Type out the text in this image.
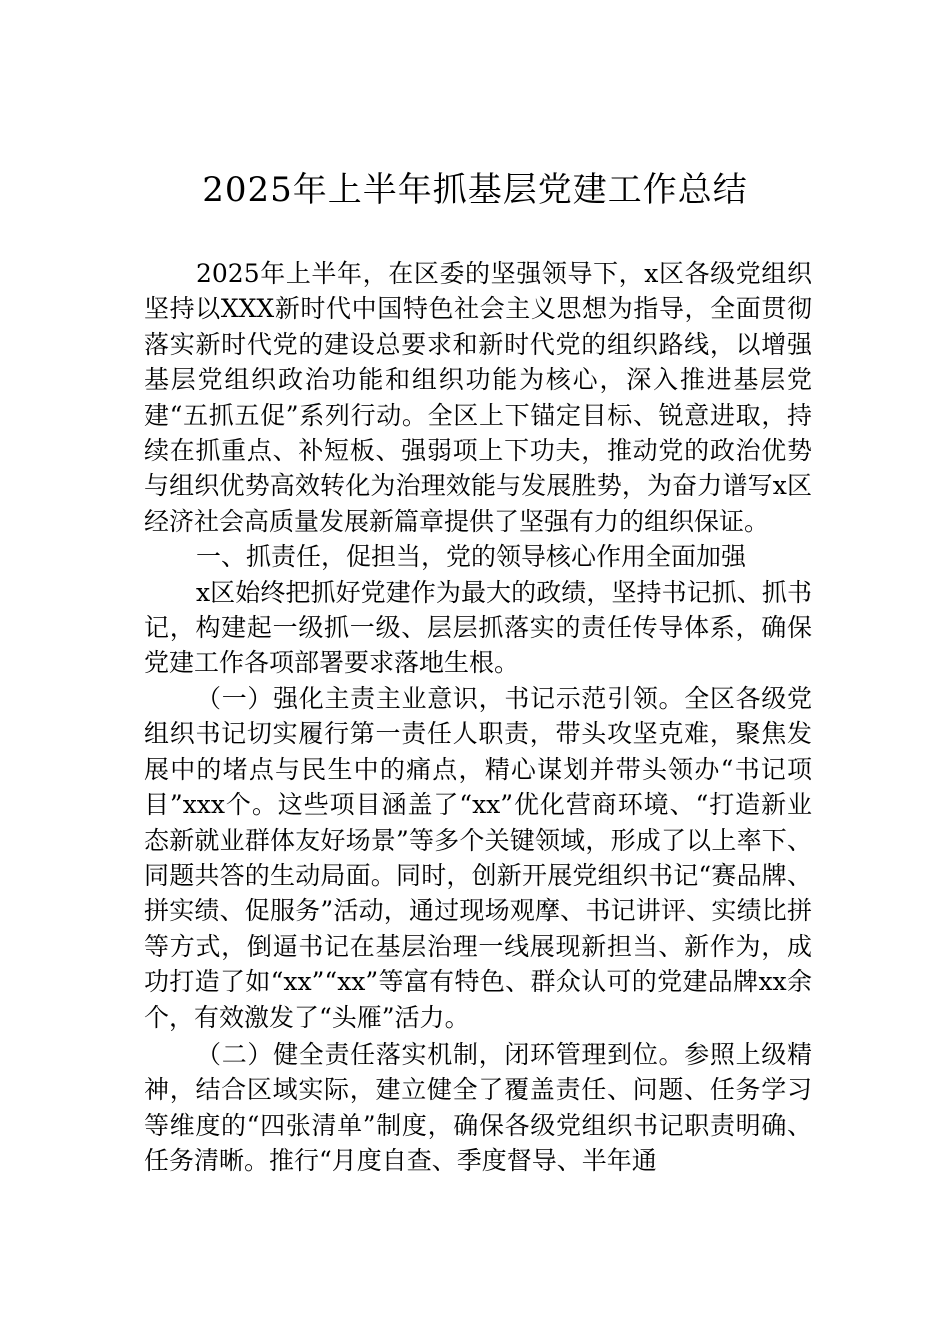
2025年上半年抓基层党建工作总结

2025年上半年，在区委的坚强领导下，x区各级党组织坚持以XXX新时代中国特色社会主义思想为指导，全面贯彻落实新时代党的建设总要求和新时代党的组织路线，以增强基层党组织政治功能和组织功能为核心，深入推进基层党建“五抓五促”系列行动。全区上下锚定目标、锐意进取，持续在抓重点、补短板、强弱项上下功夫，推动党的政治优势与组织优势高效转化为治理效能与发展胜势，为奋力谱写x区经济社会高质量发展新篇章提供了坚强有力的组织保证。

一、抓责任，促担当，党的领导核心作用全面加强

x区始终把抓好党建作为最大的政绩，坚持书记抓、抓书记，构建起一级抓一级、层层抓落实的责任传导体系，确保党建工作各项部署要求落地生根。

（一）强化主责主业意识，书记示范引领。全区各级党组织书记切实履行第一责任人职责，带头攻坚克难，聚焦发展中的堵点与民生中的痛点，精心谋划并带头领办“书记项目”xxx个。这些项目涵盖了“xx”优化营商环境、“打造新业态新就业群体友好场景”等多个关键领域，形成了以上率下、同题共答的生动局面。同时，创新开展党组织书记“赛品牌、拼实绩、促服务”活动，通过现场观摩、书记讲评、实绩比拼等方式，倒逼书记在基层治理一线展现新担当、新作为，成功打造了如“xx”“xx”等富有特色、群众认可的党建品牌xx余个，有效激发了“头雁”活力。

（二）健全责任落实机制，闭环管理到位。参照上级精神，结合区域实际，建立健全了覆盖责任、问题、任务学习等维度的“四张清单”制度，确保各级党组织书记职责明确、任务清晰。推行“月度自查、季度督导、半年通
